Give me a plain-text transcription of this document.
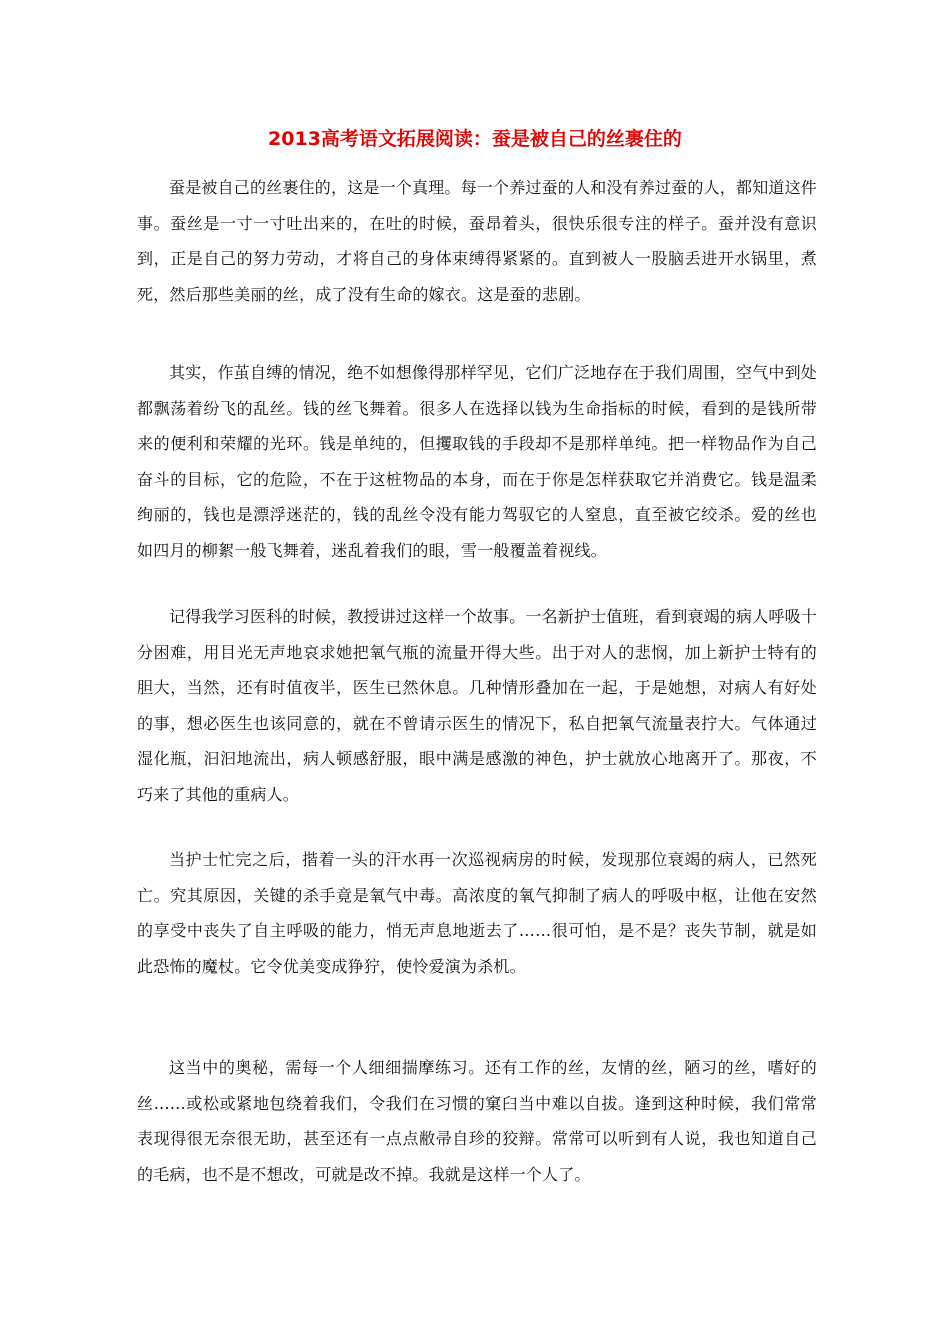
2013高考语文拓展阅读：蚕是被自己的丝裹住的

蚕是被自己的丝裹住的，这是一个真理。每一个养过蚕的人和没有养过蚕的人，都知道这件事。蚕丝是一寸一寸吐出来的，在吐的时候，蚕昂着头，很快乐很专注的样子。蚕并没有意识到，正是自己的努力劳动，才将自己的身体束缚得紧紧的。直到被人一股脑丢进开水锅里，煮死，然后那些美丽的丝，成了没有生命的嫁衣。这是蚕的悲剧。

其实，作茧自缚的情况，绝不如想像得那样罕见，它们广泛地存在于我们周围，空气中到处都飘荡着纷飞的乱丝。钱的丝飞舞着。很多人在选择以钱为生命指标的时候，看到的是钱所带来的便利和荣耀的光环。钱是单纯的，但攫取钱的手段却不是那样单纯。把一样物品作为自己奋斗的目标，它的危险，不在于这桩物品的本身，而在于你是怎样获取它并消费它。钱是温柔绚丽的，钱也是漂浮迷茫的，钱的乱丝令没有能力驾驭它的人窒息，直至被它绞杀。爱的丝也如四月的柳絮一般飞舞着，迷乱着我们的眼，雪一般覆盖着视线。

记得我学习医科的时候，教授讲过这样一个故事。一名新护士值班，看到衰竭的病人呼吸十分困难，用目光无声地哀求她把氧气瓶的流量开得大些。出于对人的悲悯，加上新护士特有的胆大，当然，还有时值夜半，医生已然休息。几种情形叠加在一起，于是她想，对病人有好处的事，想必医生也该同意的，就在不曾请示医生的情况下，私自把氧气流量表拧大。气体通过湿化瓶，汩汩地流出，病人顿感舒服，眼中满是感激的神色，护士就放心地离开了。那夜，不巧来了其他的重病人。

当护士忙完之后，揩着一头的汗水再一次巡视病房的时候，发现那位衰竭的病人，已然死亡。究其原因，关键的杀手竟是氧气中毒。高浓度的氧气抑制了病人的呼吸中枢，让他在安然的享受中丧失了自主呼吸的能力，悄无声息地逝去了……很可怕，是不是？丧失节制，就是如此恐怖的魔杖。它令优美变成狰狞，使怜爱演为杀机。

这当中的奥秘，需每一个人细细揣摩练习。还有工作的丝，友情的丝，陋习的丝，嗜好的丝……或松或紧地包绕着我们，令我们在习惯的窠臼当中难以自拔。逢到这种时候，我们常常表现得很无奈很无助，甚至还有一点点敝帚自珍的狡辩。常常可以听到有人说，我也知道自己的毛病，也不是不想改，可就是改不掉。我就是这样一个人了。
